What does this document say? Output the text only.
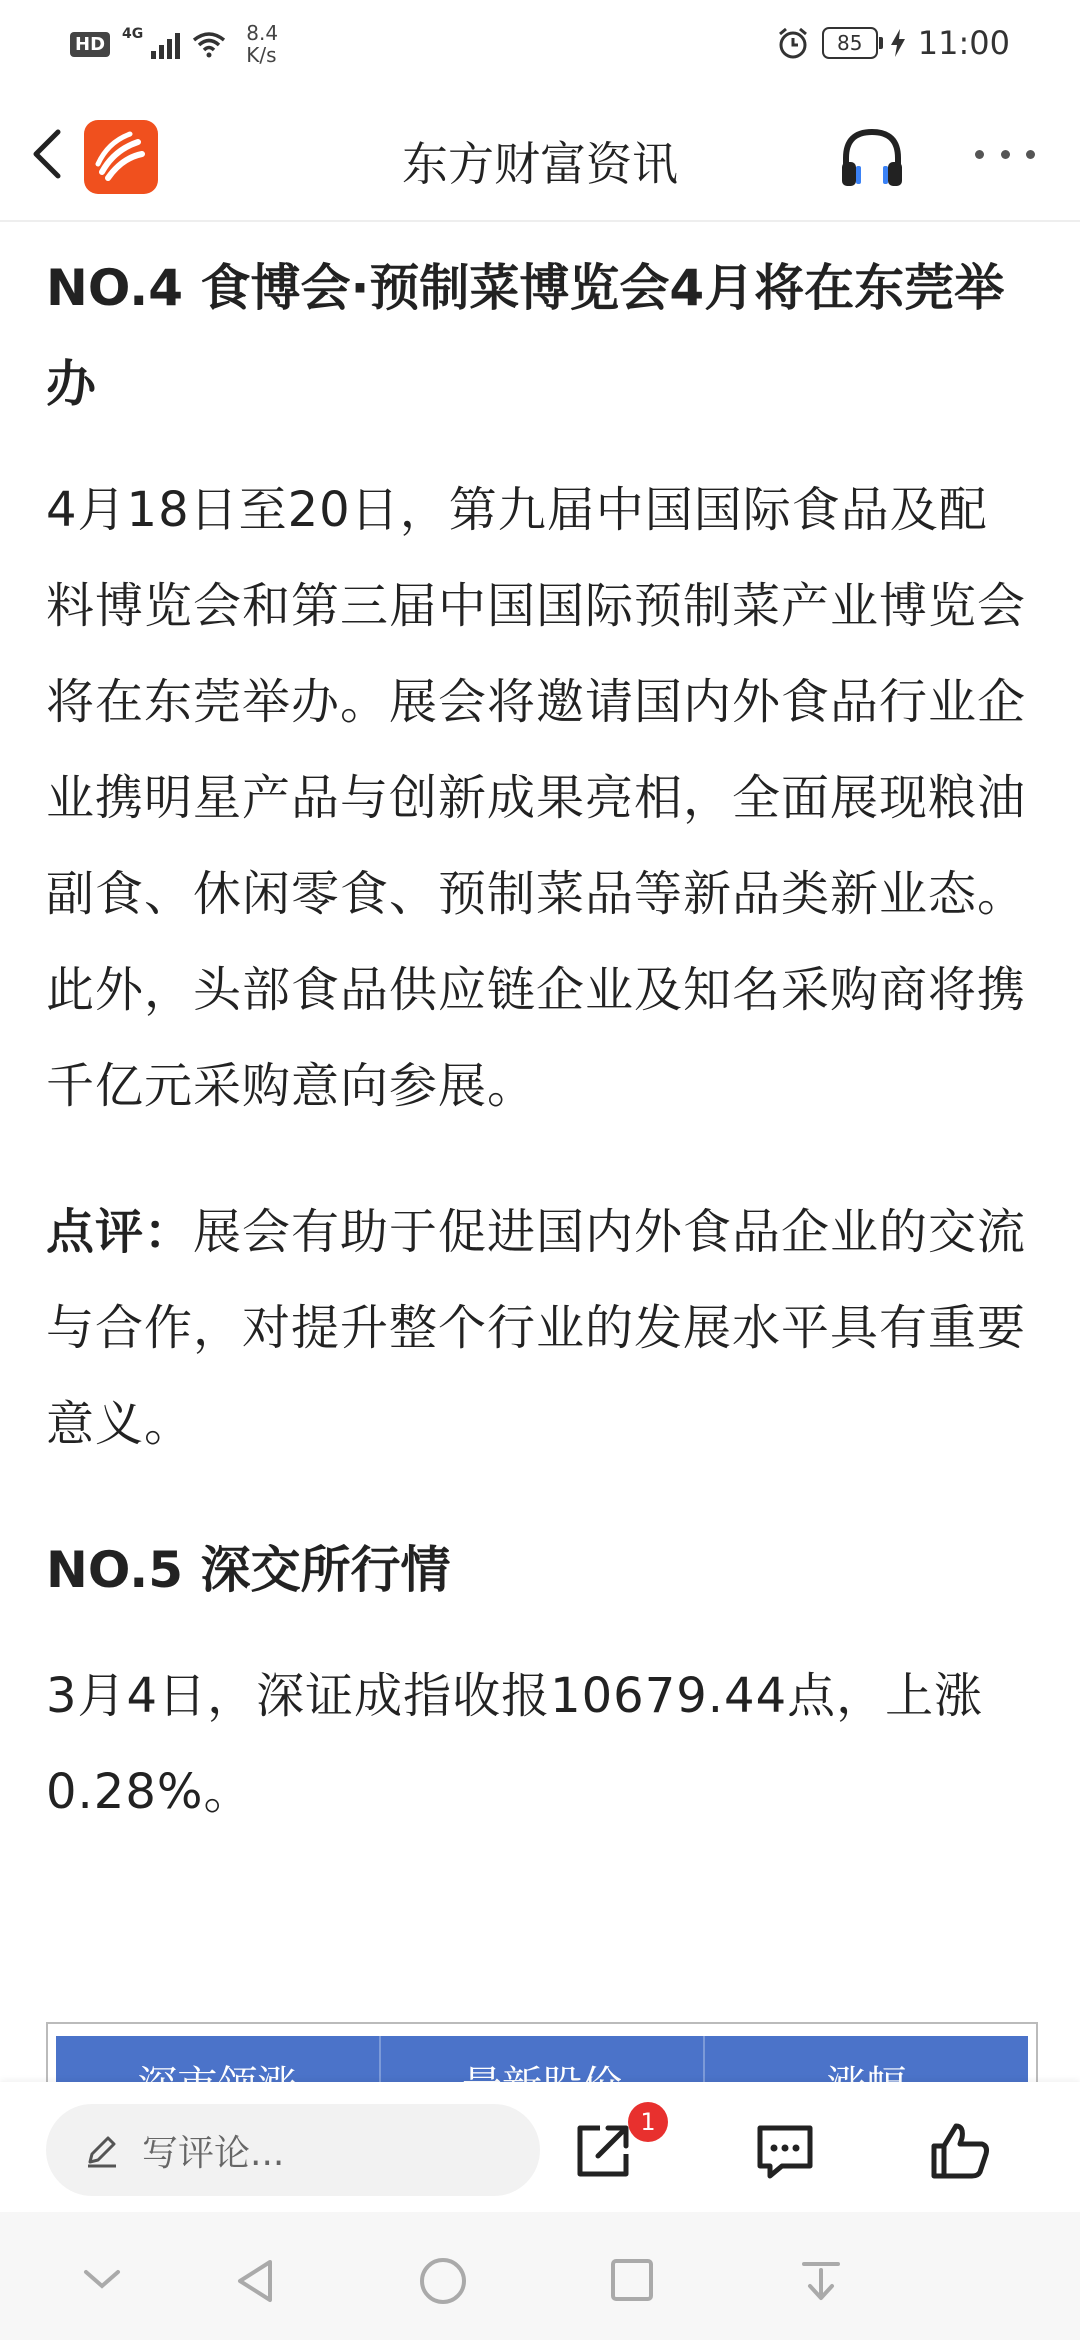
HD	4G	8.4
K/s	85	11:00
东方财富资讯
NO.4 食博会·预制菜博览会4月将在东莞举办
4月18日至20日，第九届中国国际食品及配料博览会和第三届中国国际预制菜产业博览会将在东莞举办。展会将邀请国内外食品行业企业携明星产品与创新成果亮相，全面展现粮油副食、休闲零食、预制菜品等新品类新业态。此外，头部食品供应链企业及知名采购商将携千亿元采购意向参展。
点评：展会有助于促进国内外食品企业的交流与合作，对提升整个行业的发展水平具有重要意义。
NO.5 深交所行情
3月4日，深证成指收报10679.44点，上涨0.28%。
写评论...
1
